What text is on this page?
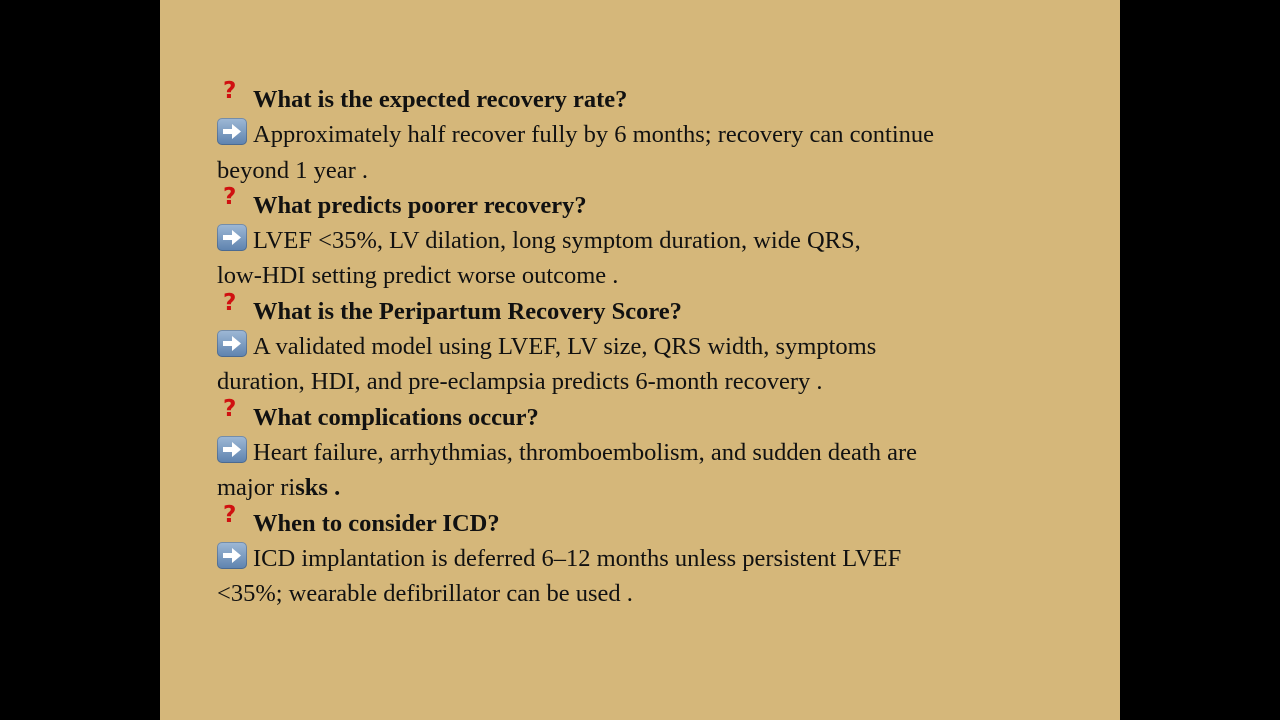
? What is the expected recovery rate?
Approximately half recover fully by 6 months; recovery can continue
beyond 1 year .
? What predicts poorer recovery?
LVEF <35%, LV dilation, long symptom duration, wide QRS,
low-HDI setting predict worse outcome .
? What is the Peripartum Recovery Score?
A validated model using LVEF, LV size, QRS width, symptoms
duration, HDI, and pre-eclampsia predicts 6-month recovery .
? What complications occur?
Heart failure, arrhythmias, thromboembolism, and sudden death are
major risks .
? When to consider ICD?
ICD implantation is deferred 6–12 months unless persistent LVEF
<35%; wearable defibrillator can be used .
